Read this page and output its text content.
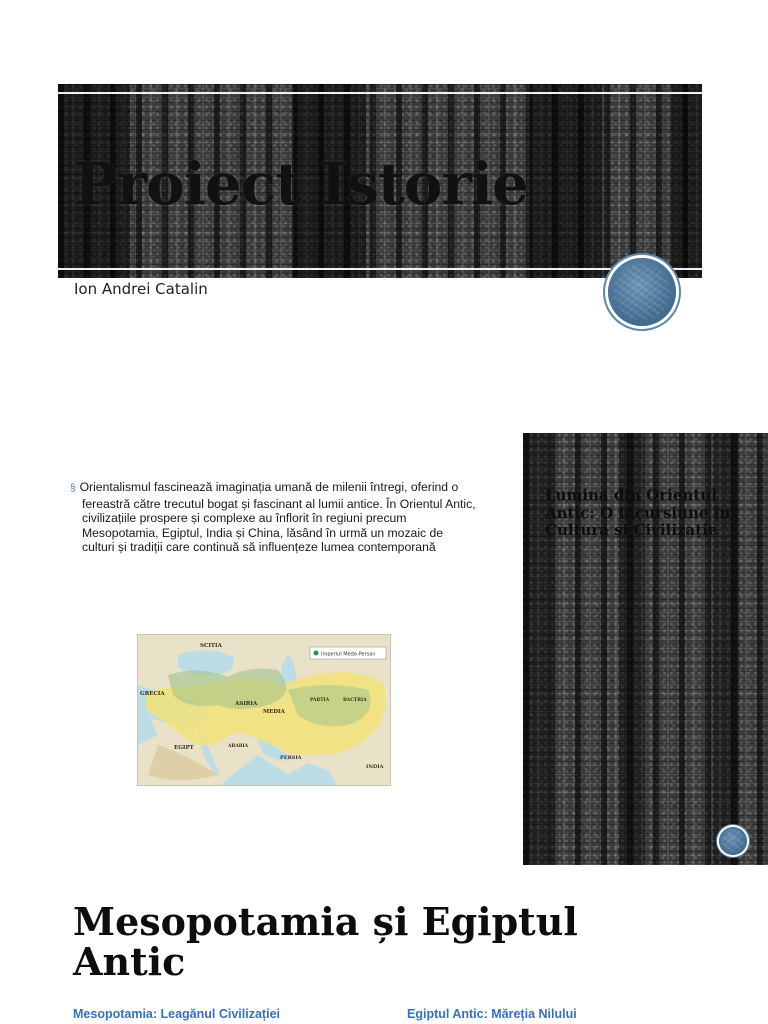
Proiect Istorie
Ion Andrei Catalin
§ Orientalismul fascinează imaginația umană de milenii întregi, oferind o fereastră către trecutul bogat și fascinant al lumii antice. În Orientul Antic, civilizațiile prospere și complexe au înflorit în regiuni precum Mesopotamia, Egiptul, India și China, lăsând în urmă un mozaic de culturi și tradiții care continuă să influențeze lumea contemporană
Imperiul Medo-Persan
SCITIA
GRECIA
ASIRIA
MEDIA
PARTIA	BACTRIA
EGIPT	ARABIA
PERSIA
INDIA
Lumina din Orientul Antic: O incursiune în Cultura și Civilizație
Mesopotamia și Egiptul Antic
Mesopotamia: Leagănul Civilizației	Egiptul Antic: Măreția Nilului
